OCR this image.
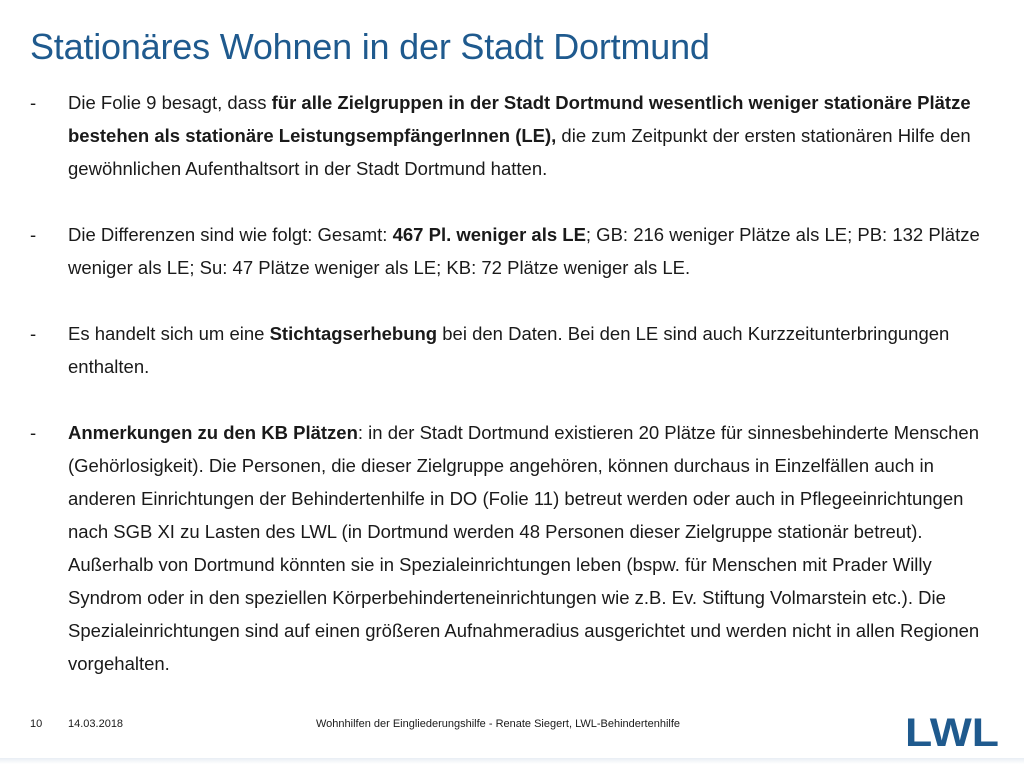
Stationäres Wohnen in der Stadt Dortmund
- Die Folie 9 besagt, dass für alle Zielgruppen in der Stadt Dortmund wesentlich weniger stationäre Plätze bestehen als stationäre LeistungsempfängerInnen (LE), die zum Zeitpunkt der ersten stationären Hilfe den gewöhnlichen Aufenthaltsort in der Stadt Dortmund hatten.
- Die Differenzen sind wie folgt: Gesamt: 467 Pl. weniger als LE; GB: 216 weniger Plätze als LE; PB: 132 Plätze weniger als LE; Su: 47 Plätze weniger als LE; KB: 72 Plätze weniger als LE.
- Es handelt sich um eine Stichtagserhebung bei den Daten. Bei den LE sind auch Kurzzeitunterbringungen enthalten.
- Anmerkungen zu den KB Plätzen: in der Stadt Dortmund existieren 20 Plätze für sinnesbehinderte Menschen (Gehörlosigkeit). Die Personen, die dieser Zielgruppe angehören, können durchaus in Einzelfällen auch in anderen Einrichtungen der Behindertenhilfe in DO (Folie 11) betreut werden oder auch in Pflegeeinrichtungen nach SGB XI zu Lasten des LWL (in Dortmund werden 48 Personen dieser Zielgruppe stationär betreut). Außerhalb von Dortmund könnten sie in Spezialeinrichtungen leben (bspw. für Menschen mit Prader Willy Syndrom oder in den speziellen Körperbehinderteneinrichtungen wie z.B. Ev. Stiftung Volmarstein etc.). Die Spezialeinrichtungen sind auf einen größeren Aufnahmeradius ausgerichtet und werden nicht in allen Regionen vorgehalten.
10 14.03.2018	Wohnhilfen der Eingliederungshilfe - Renate Siegert, LWL-Behindertenhilfe	LWL
